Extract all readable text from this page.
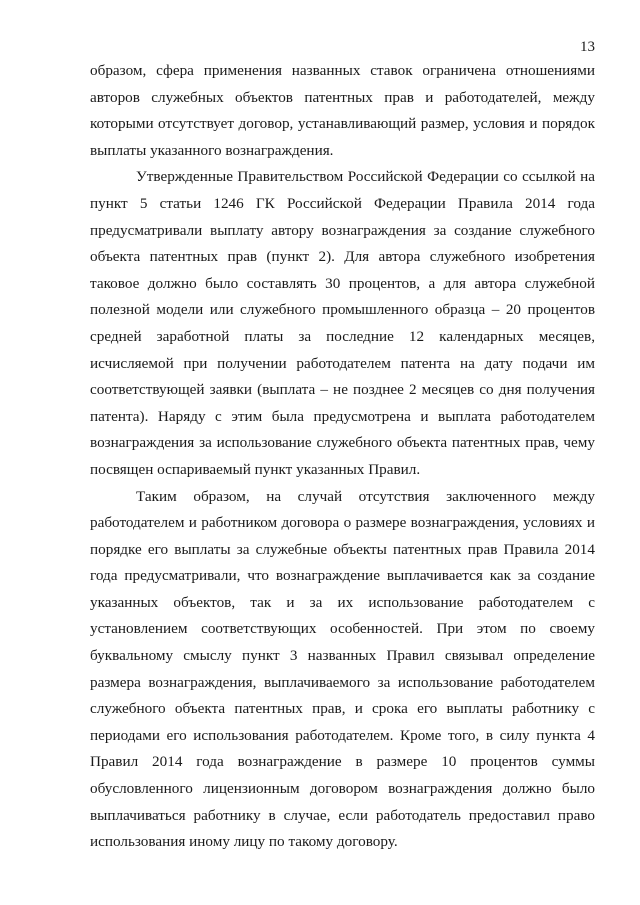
13

образом, сфера применения названных ставок ограничена отношениями авторов служебных объектов патентных прав и работодателей, между которыми отсутствует договор, устанавливающий размер, условия и порядок выплаты указанного вознаграждения.

Утвержденные Правительством Российской Федерации со ссылкой на пункт 5 статьи 1246 ГК Российской Федерации Правила 2014 года предусматривали выплату автору вознаграждения за создание служебного объекта патентных прав (пункт 2). Для автора служебного изобретения таковое должно было составлять 30 процентов, а для автора служебной полезной модели или служебного промышленного образца – 20 процентов средней заработной платы за последние 12 календарных месяцев, исчисляемой при получении работодателем патента на дату подачи им соответствующей заявки (выплата – не позднее 2 месяцев со дня получения патента). Наряду с этим была предусмотрена и выплата работодателем вознаграждения за использование служебного объекта патентных прав, чему посвящен оспариваемый пункт указанных Правил.

Таким образом, на случай отсутствия заключенного между работодателем и работником договора о размере вознаграждения, условиях и порядке его выплаты за служебные объекты патентных прав Правила 2014 года предусматривали, что вознаграждение выплачивается как за создание указанных объектов, так и за их использование работодателем с установлением соответствующих особенностей. При этом по своему буквальному смыслу пункт 3 названных Правил связывал определение размера вознаграждения, выплачиваемого за использование работодателем служебного объекта патентных прав, и срока его выплаты работнику с периодами его использования работодателем. Кроме того, в силу пункта 4 Правил 2014 года вознаграждение в размере 10 процентов суммы обусловленного лицензионным договором вознаграждения должно было выплачиваться работнику в случае, если работодатель предоставил право использования иному лицу по такому договору.
